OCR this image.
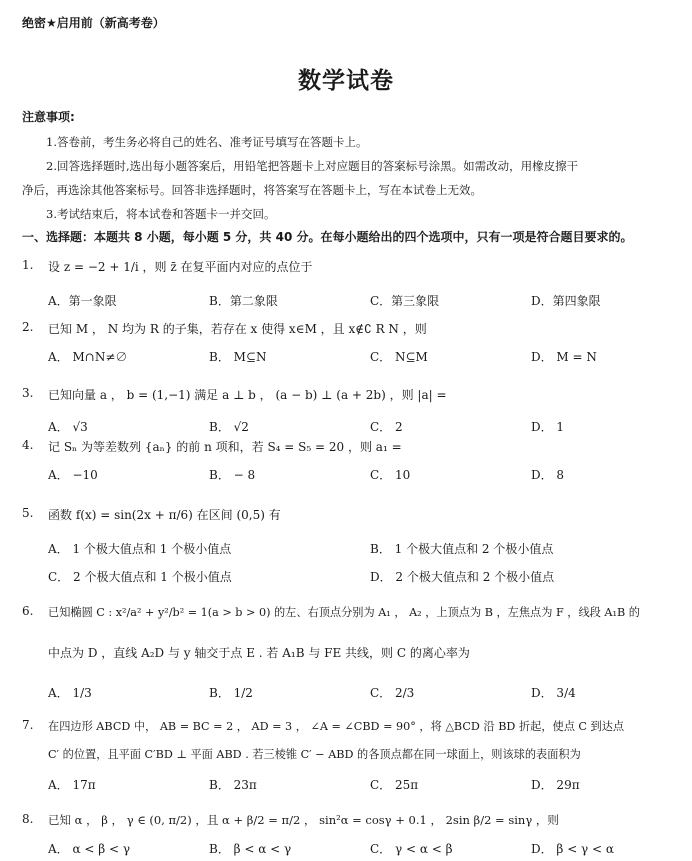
绝密★启用前（新高考卷）
数学试卷
注意事项:
1.答卷前，考生务必将自己的姓名、准考证号填写在答题卡上。
2.回答选择题时,选出每小题答案后，用铅笔把答题卡上对应题目的答案标号涂黑。如需改动，用橡皮擦干
净后，再选涂其他答案标号。回答非选择题时，将答案写在答题卡上，写在本试卷上无效。
3.考试结束后，将本试卷和答题卡一并交回。
一、选择题：本题共 8 小题，每小题 5 分，共 40 分。在每小题给出的四个选项中，只有一项是符合题目要求的。
1. 设 z = −2 + 1/i ，则 z̄ 在复平面内对应的点位于
A．第一象限	B．第二象限	C．第三象限	D．第四象限
2. 已知 M ， N 均为 R 的子集，若存在 x 使得 x∈M ，且 x∉∁ R N ，则
A． M∩N≠∅	B． M⊆N	C． N⊆M	D． M = N
3. 已知向量 a ， b = (1,−1) 满足 a ⊥ b ， (a − b) ⊥ (a + 2b) ，则 |a| =
A． √3	B． √2	C． 2	D． 1
4. 记 Sₙ 为等差数列 {aₙ} 的前 n 项和，若 S₄ = S₅ = 20 ，则 a₁ =
A． −10	B． − 8	C． 10	D． 8
5. 函数 f(x) = sin(2x + π/6) 在区间 (0,5) 有
A． 1 个极大值点和 1 个极小值点	B． 1 个极大值点和 2 个极小值点
C． 2 个极大值点和 1 个极小值点	D． 2 个极大值点和 2 个极小值点
6. 已知椭圆 C : x²/a² + y²/b² = 1(a > b > 0) 的左、右顶点分别为 A₁ ， A₂ ，上顶点为 B ，左焦点为 F ，线段 A₁B 的
中点为 D ，直线 A₂D 与 y 轴交于点 E . 若 A₁B 与 FE 共线，则 C 的离心率为
A． 1/3	B． 1/2	C． 2/3	D． 3/4
7. 在四边形 ABCD 中， AB = BC = 2 ， AD = 3 ， ∠A = ∠CBD = 90° ，将 △BCD 沿 BD 折起，使点 C 到达点
C′ 的位置，且平面 C′BD ⊥ 平面 ABD . 若三棱锥 C′ − ABD 的各顶点都在同一球面上，则该球的表面积为
A． 17π	B． 23π	C． 25π	D． 29π
8. 已知 α ， β ， γ ∈ (0, π/2) ，且 α + β/2 = π/2 ， sin²α = cosγ + 0.1 ， 2sin β/2 = sinγ ，则
A． α < β < γ	B． β < α < γ	C． γ < α < β	D． β < γ < α
